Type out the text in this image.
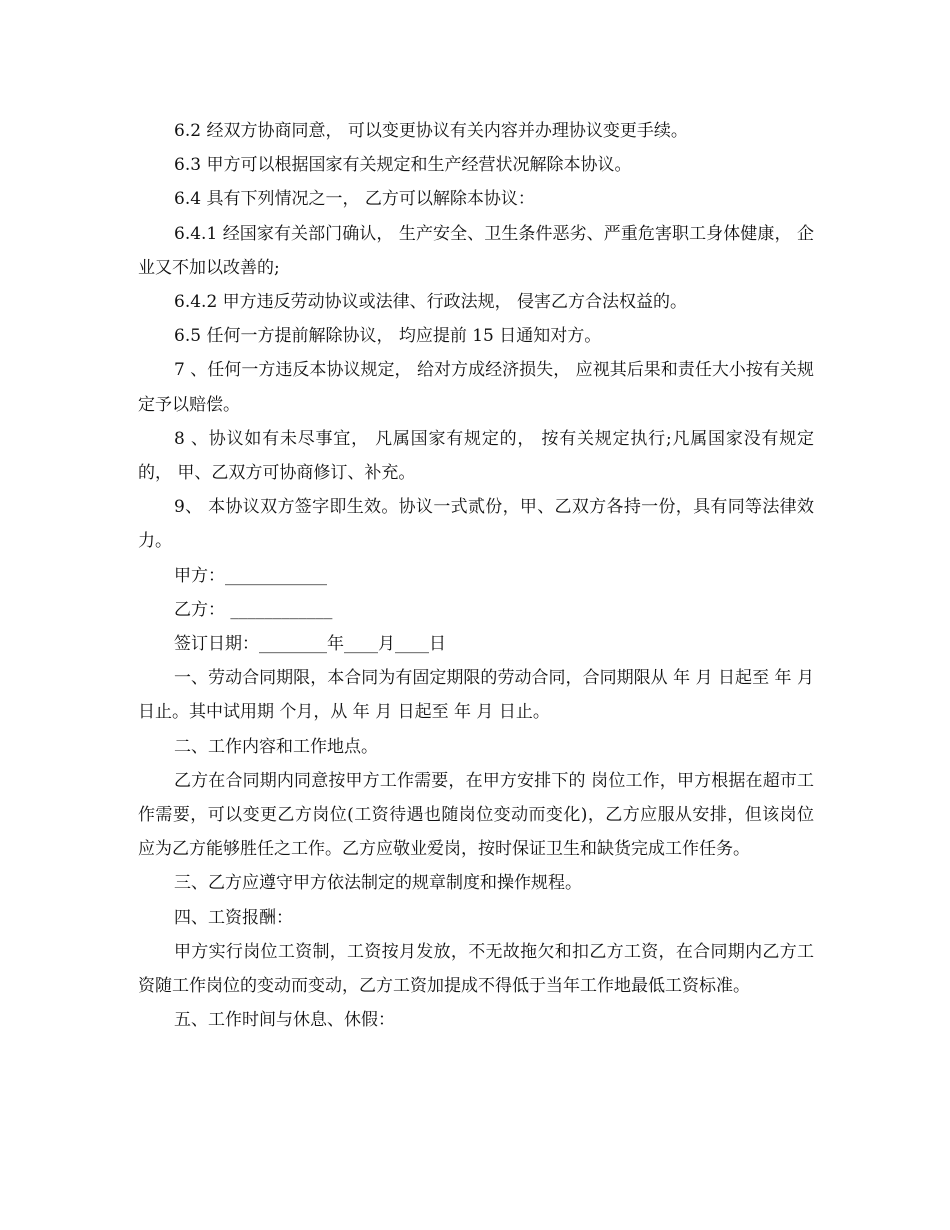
6.2 经双方协商同意， 可以变更协议有关内容并办理协议变更手续。

6.3 甲方可以根据国家有关规定和生产经营状况解除本协议。

6.4 具有下列情况之一， 乙方可以解除本协议：

6.4.1 经国家有关部门确认， 生产安全、卫生条件恶劣、严重危害职工身体健康， 企业又不加以改善的;

6.4.2 甲方违反劳动协议或法律、行政法规， 侵害乙方合法权益的。

6.5 任何一方提前解除协议， 均应提前 15 日通知对方。

7 、任何一方违反本协议规定， 给对方成经济损失， 应视其后果和责任大小按有关规定予以赔偿。

8 、协议如有未尽事宜， 凡属国家有规定的， 按有关规定执行;凡属国家没有规定的， 甲、乙双方可协商修订、补充。

9、 本协议双方签字即生效。协议一式贰份，甲、乙双方各持一份，具有同等法律效力。

甲方：____________

乙方： ____________

签订日期：________年____月____日

一、劳动合同期限，本合同为有固定期限的劳动合同，合同期限从 年 月 日起至 年 月 日止。其中试用期 个月，从 年 月 日起至 年 月 日止。

二、工作内容和工作地点。

乙方在合同期内同意按甲方工作需要，在甲方安排下的 岗位工作，甲方根据在超市工作需要，可以变更乙方岗位(工资待遇也随岗位变动而变化)，乙方应服从安排，但该岗位应为乙方能够胜任之工作。乙方应敬业爱岗，按时保证卫生和缺货完成工作任务。

三、乙方应遵守甲方依法制定的规章制度和操作规程。

四、工资报酬：

甲方实行岗位工资制，工资按月发放，不无故拖欠和扣乙方工资，在合同期内乙方工资随工作岗位的变动而变动，乙方工资加提成不得低于当年工作地最低工资标准。

五、工作时间与休息、休假：
